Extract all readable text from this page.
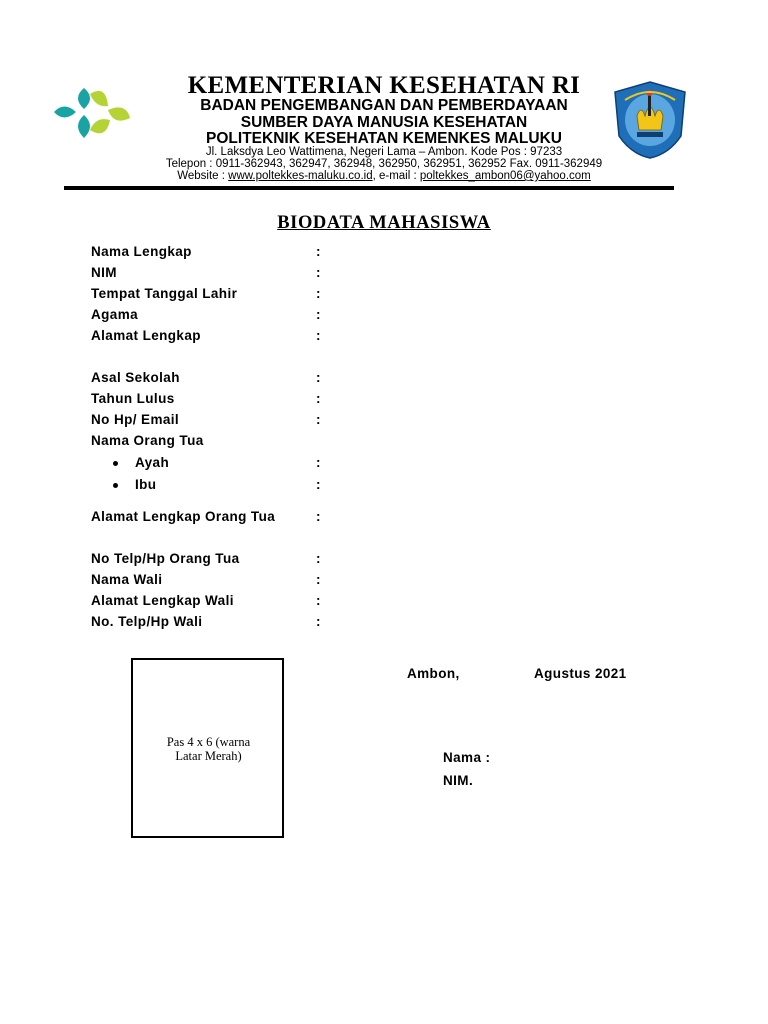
KEMENTERIAN KESEHATAN RI
BADAN PENGEMBANGAN DAN PEMBERDAYAAN
SUMBER DAYA MANUSIA KESEHATAN
POLITEKNIK KESEHATAN KEMENKES MALUKU
Jl. Laksdya Leo Wattimena, Negeri Lama – Ambon. Kode Pos : 97233
Telepon : 0911-362943, 362947, 362948, 362950, 362951, 362952 Fax. 0911-362949
Website : www.poltekkes-maluku.co.id, e-mail : poltekkes_ambon06@yahoo.com
BIODATA MAHASISWA
Nama Lengkap	:
NIM	:
Tempat Tanggal Lahir	:
Agama	:
Alamat Lengkap	:
Asal Sekolah	:
Tahun Lulus	:
No Hp/ Email	:
Nama Orang Tua
Ayah	:
Ibu	:
Alamat Lengkap Orang Tua	:
No Telp/Hp Orang Tua	:
Nama Wali	:
Alamat Lengkap Wali	:
No. Telp/Hp Wali	:
Pas 4 x 6 (warna
Latar Merah)
Ambon,	Agustus 2021
Nama :
NIM.
